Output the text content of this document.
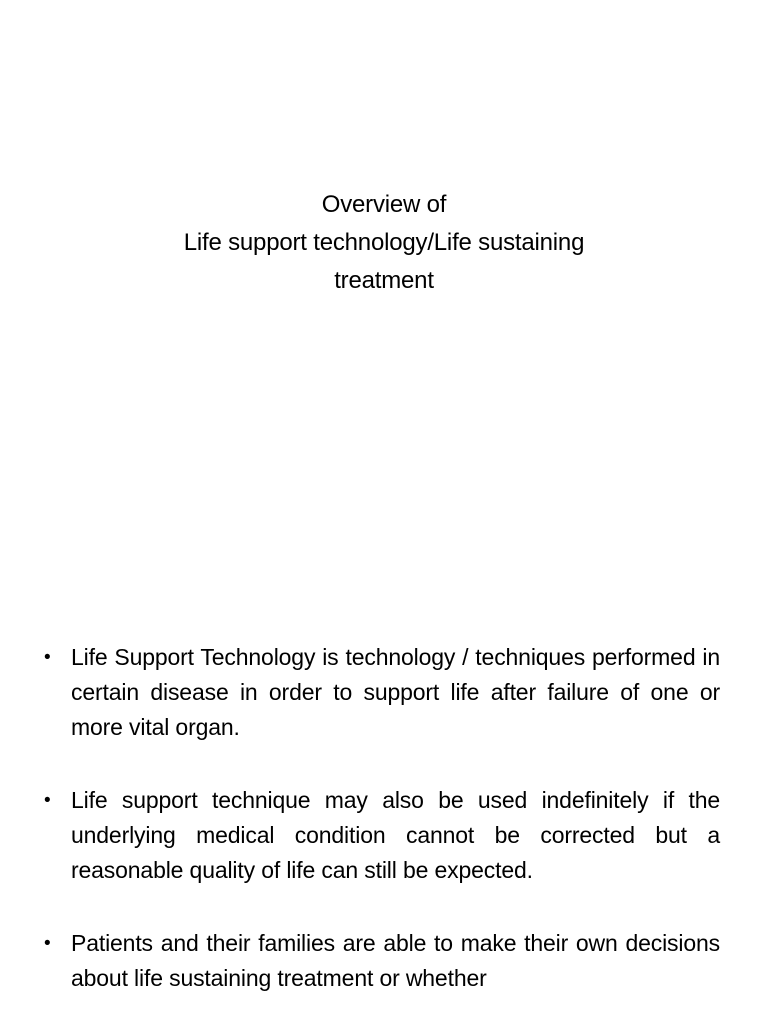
Overview of
Life support technology/Life sustaining
treatment
• Life Support Technology is technology / techniques performed in certain disease in order to support life after failure of one or more vital organ.
• Life support technique may also be used indefinitely if the underlying medical condition cannot be corrected but a reasonable quality of life can still be expected.
• Patients and their families are able to make their own decisions about life sustaining treatment or whether
